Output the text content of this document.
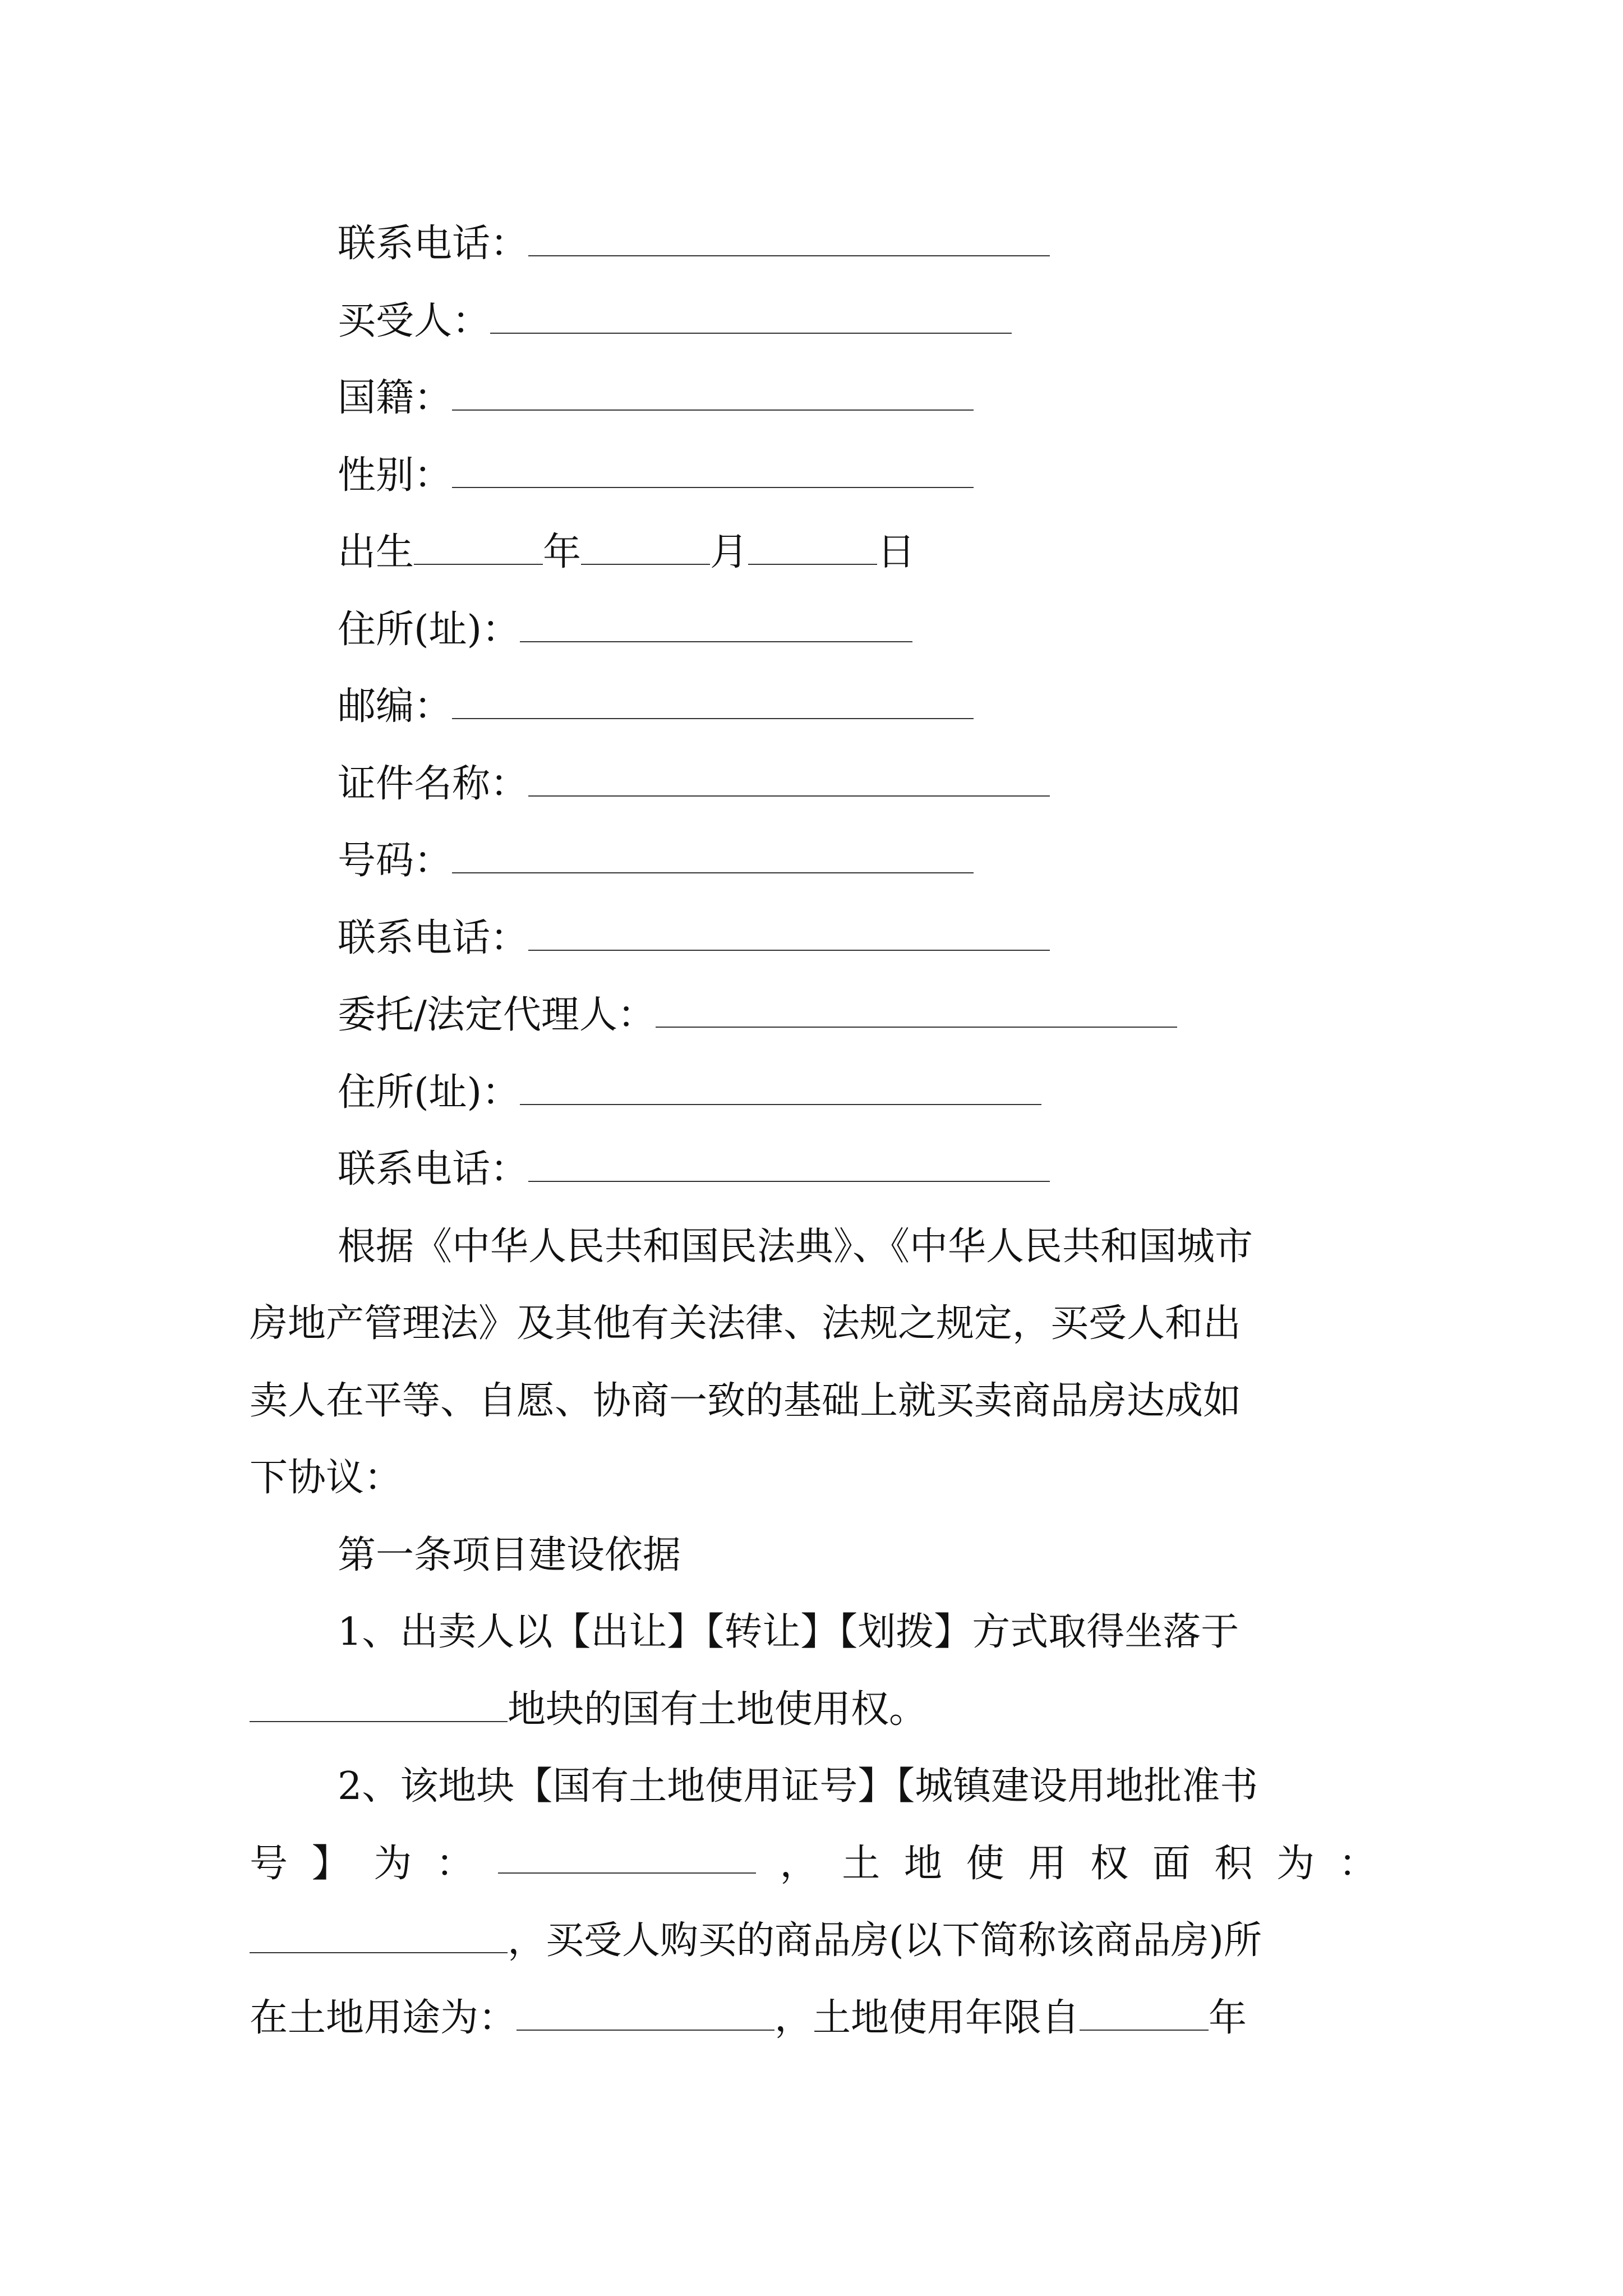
联系电话：
买受人：
国籍：
性别：
出生	年	月	日
住所(址)：
邮编：
证件名称：
号码：
联系电话：
委托/法定代理人：
住所(址)：
联系电话：
根据《中华人民共和国民法典》、《中华人民共和国城市
房地产管理法》及其他有关法律、法规之规定，买受人和出
卖人在平等、自愿、协商一致的基础上就买卖商品房达成如
下协议：
第一条项目建设依据
1、出卖人以【出让】【转让】【划拨】方式取得坐落于
地块的国有土地使用权。
2、该地块【国有土地使用证号】【城镇建设用地批准书
号 】 为 ：	， 土 地 使 用 权 面 积 为 ：
，买受人购买的商品房(以下简称该商品房)所
在土地用途为：	，土地使用年限自	年
